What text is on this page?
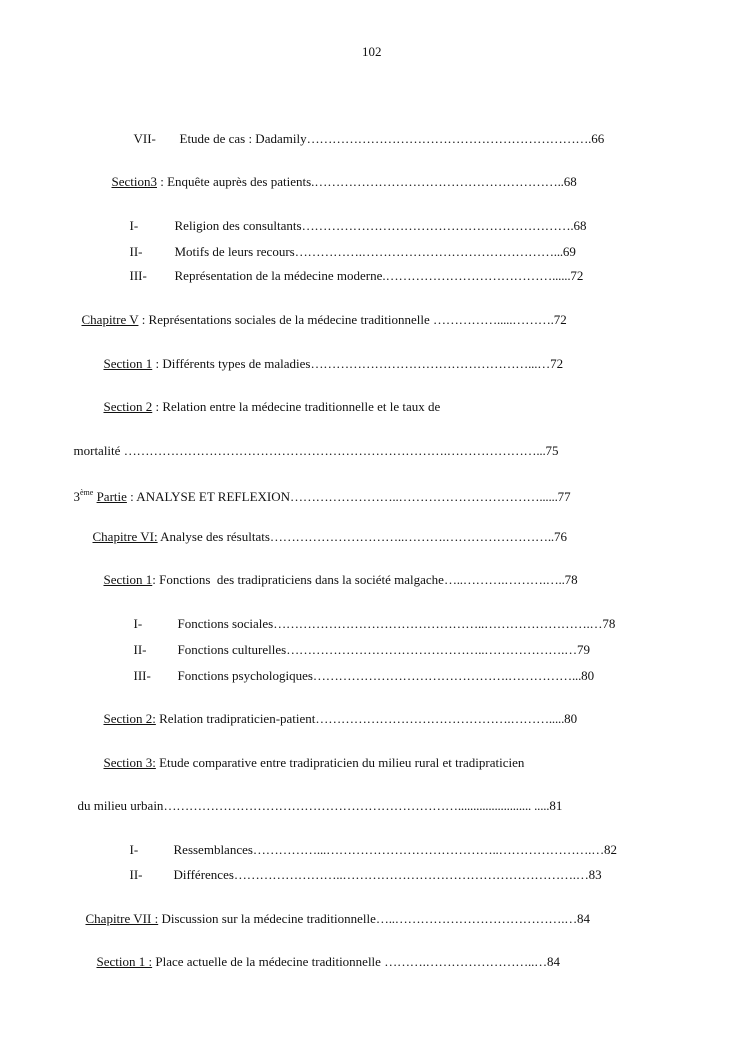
102

VII- Etude de cas : Dadamily………………………………………………………….66

Section3 : Enquête auprès des patients.…………………………………………………..68

I-	Religion des consultants……………………………………………………….68

II- Motifs de leurs recours…………….………………………………………...69

III- Représentation de la médecine moderne.…………………………………......72

Chapitre V : Représentations sociales de la médecine traditionnelle …………….....……….72

Section 1 : Différents types de maladies……………………………………………...…72

Section 2 : Relation entre la médecine traditionnelle et le taux de

mortalité ………………………………………………………………….…………………...75

3ème Partie : ANALYSE ET REFLEXION……………………..……………………………......77

Chapitre VI: Analyse des résultats…………………………..……….……………………..76

Section 1: Fonctions  des tradipraticiens dans la société malgache…..……….……….…..78

I-	Fonctions sociales…………………………………………..…………………….…78

II- Fonctions culturelles………………………………………..……………….…79

III- Fonctions psychologiques……………………………………….……………...80

Section 2: Relation tradipraticien-patient……………………………………….……….....80

Section 3: Etude comparative entre tradipraticien du milieu rural et tradipraticien

du milieu urbain……………………………………………………………........................ .....81

I-	Ressemblances……………...…………………………………..………………….…82

II- Différences……………………..……………………………………………….…83

Chapitre VII : Discussion sur la médecine traditionnelle…..………………………………….…84

Section 1 : Place actuelle de la médecine traditionnelle ……….……………………..…84
